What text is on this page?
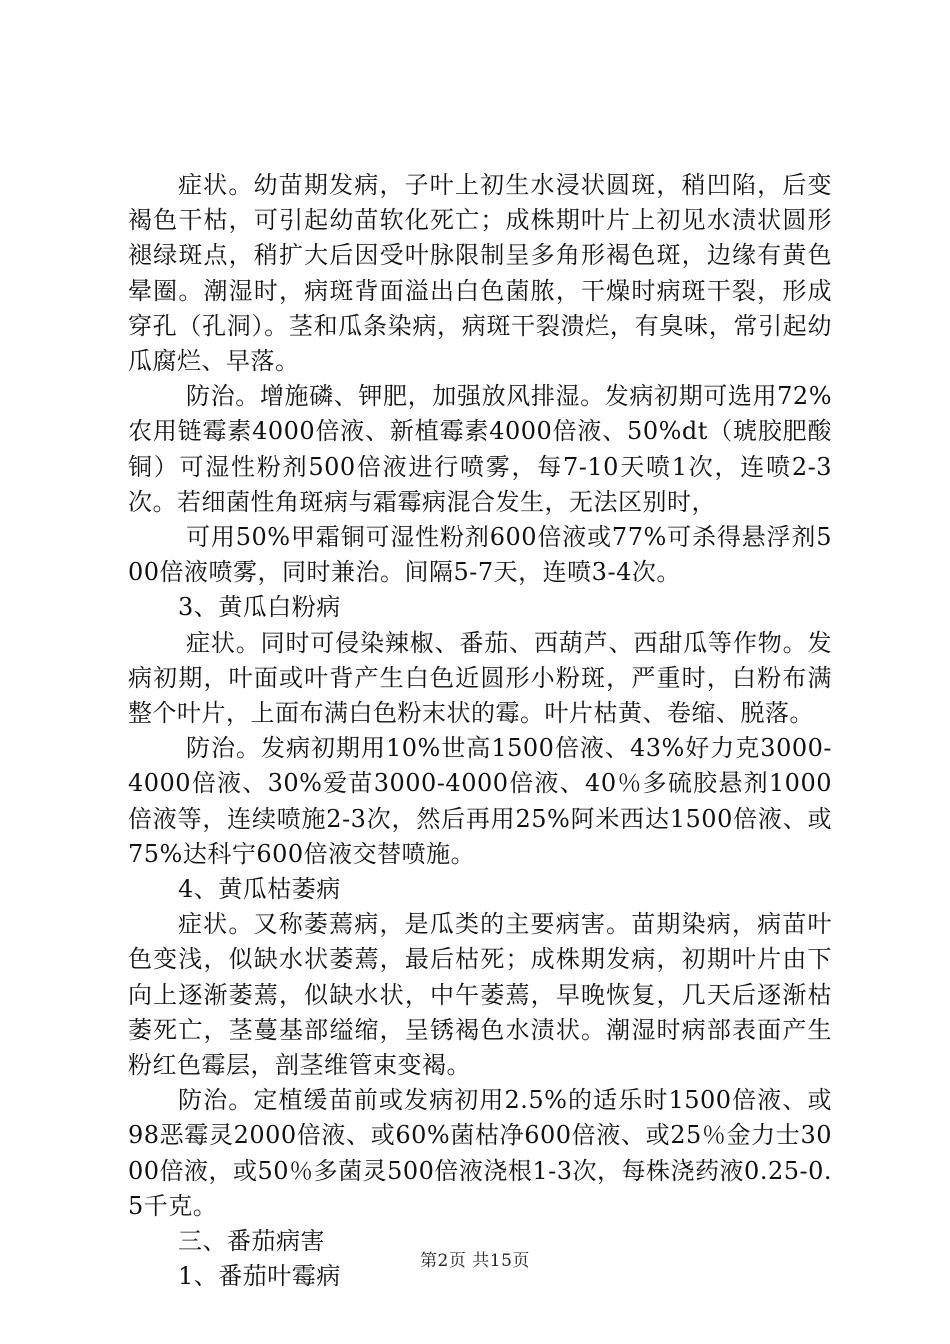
症状。幼苗期发病，子叶上初生水浸状圆斑，稍凹陷，后变褐色干枯，可引起幼苗软化死亡；成株期叶片上初见水渍状圆形褪绿斑点，稍扩大后因受叶脉限制呈多角形褐色斑，边缘有黄色晕圈。潮湿时，病斑背面溢出白色菌脓，干燥时病斑干裂，形成穿孔（孔洞）。茎和瓜条染病，病斑干裂溃烂，有臭味，常引起幼瓜腐烂、早落。

防治。增施磷、钾肥，加强放风排湿。发病初期可选用72%农用链霉素4000倍液、新植霉素4000倍液、50%dt（琥胶肥酸铜）可湿性粉剂500倍液进行喷雾，每7-10天喷1次，连喷2-3次。若细菌性角斑病与霜霉病混合发生，无法区别时，

可用50%甲霜铜可湿性粉剂600倍液或77%可杀得悬浮剂500倍液喷雾，同时兼治。间隔5-7天，连喷3-4次。

3、黄瓜白粉病

症状。同时可侵染辣椒、番茄、西葫芦、西甜瓜等作物。发病初期，叶面或叶背产生白色近圆形小粉斑，严重时，白粉布满整个叶片，上面布满白色粉末状的霉。叶片枯黄、卷缩、脱落。

防治。发病初期用10%世高1500倍液、43%好力克3000-4000倍液、30%爱苗3000-4000倍液、40％多硫胶悬剂1000倍液等，连续喷施2-3次，然后再用25%阿米西达1500倍液、或75%达科宁600倍液交替喷施。

4、黄瓜枯萎病

症状。又称萎蔫病，是瓜类的主要病害。苗期染病，病苗叶色变浅，似缺水状萎蔫，最后枯死；成株期发病，初期叶片由下向上逐渐萎蔫，似缺水状，中午萎蔫，早晚恢复，几天后逐渐枯萎死亡，茎蔓基部缢缩，呈锈褐色水渍状。潮湿时病部表面产生粉红色霉层，剖茎维管束变褐。

防治。定植缓苗前或发病初用2.5%的适乐时1500倍液、或98恶霉灵2000倍液、或60%菌枯净600倍液、或25％金力士3000倍液，或50％多菌灵500倍液浇根1-3次，每株浇药液0.25-0.5千克。

三、番茄病害

1、番茄叶霉病

第2页 共15页
